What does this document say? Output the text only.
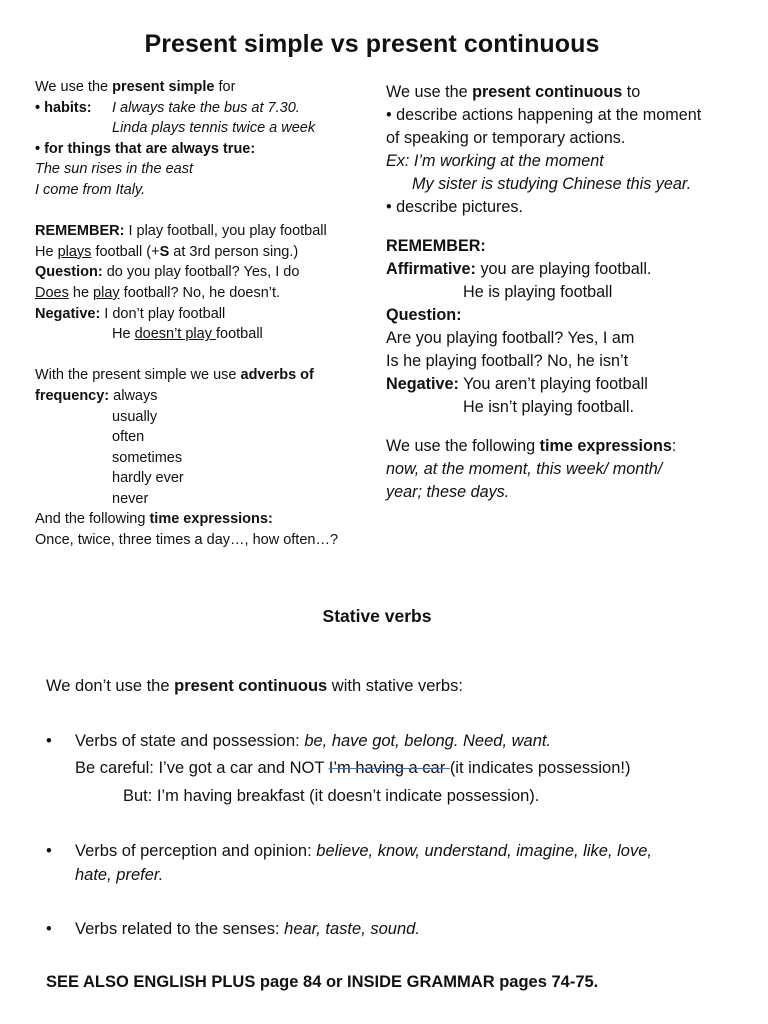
Present simple vs present continuous
We use the present simple for
• habits: I always take the bus at 7.30.
Linda plays tennis twice a week
• for things that are always true:
The sun rises in the east
I come from Italy.
REMEMBER: I play football, you play football
He plays football (+S at 3rd person sing.)
Question: do you play football? Yes, I do
Does he play football? No, he doesn’t.
Negative: I don’t play football
He doesn’t play football
With the present simple we use adverbs of
frequency: always
usually
often
sometimes
hardly ever
never
And the following time expressions:
Once, twice, three times a day…, how often…?
We use the present continuous to
• describe actions happening at the moment
of speaking or temporary actions.
Ex: I’m working at the moment
My sister is studying Chinese this year.
• describe pictures.
REMEMBER:
Affirmative: you are playing football.
He is playing football
Question:
Are you playing football? Yes, I am
Is he playing football? No, he isn’t
Negative: You aren’t playing football
He isn’t playing football.
We use the following time expressions:
now, at the moment, this week/ month/
year; these days.
Stative verbs
We don’t use the present continuous with stative verbs:
• Verbs of state and possession: be, have got, belong. Need, want.
Be careful: I’ve got a car and NOT I’m having a car (it indicates possession!)
But: I’m having breakfast (it doesn’t indicate possession).
• Verbs of perception and opinion: believe, know, understand, imagine, like, love,
hate, prefer.
• Verbs related to the senses: hear, taste, sound.
SEE ALSO ENGLISH PLUS page 84 or INSIDE GRAMMAR pages 74-75.
